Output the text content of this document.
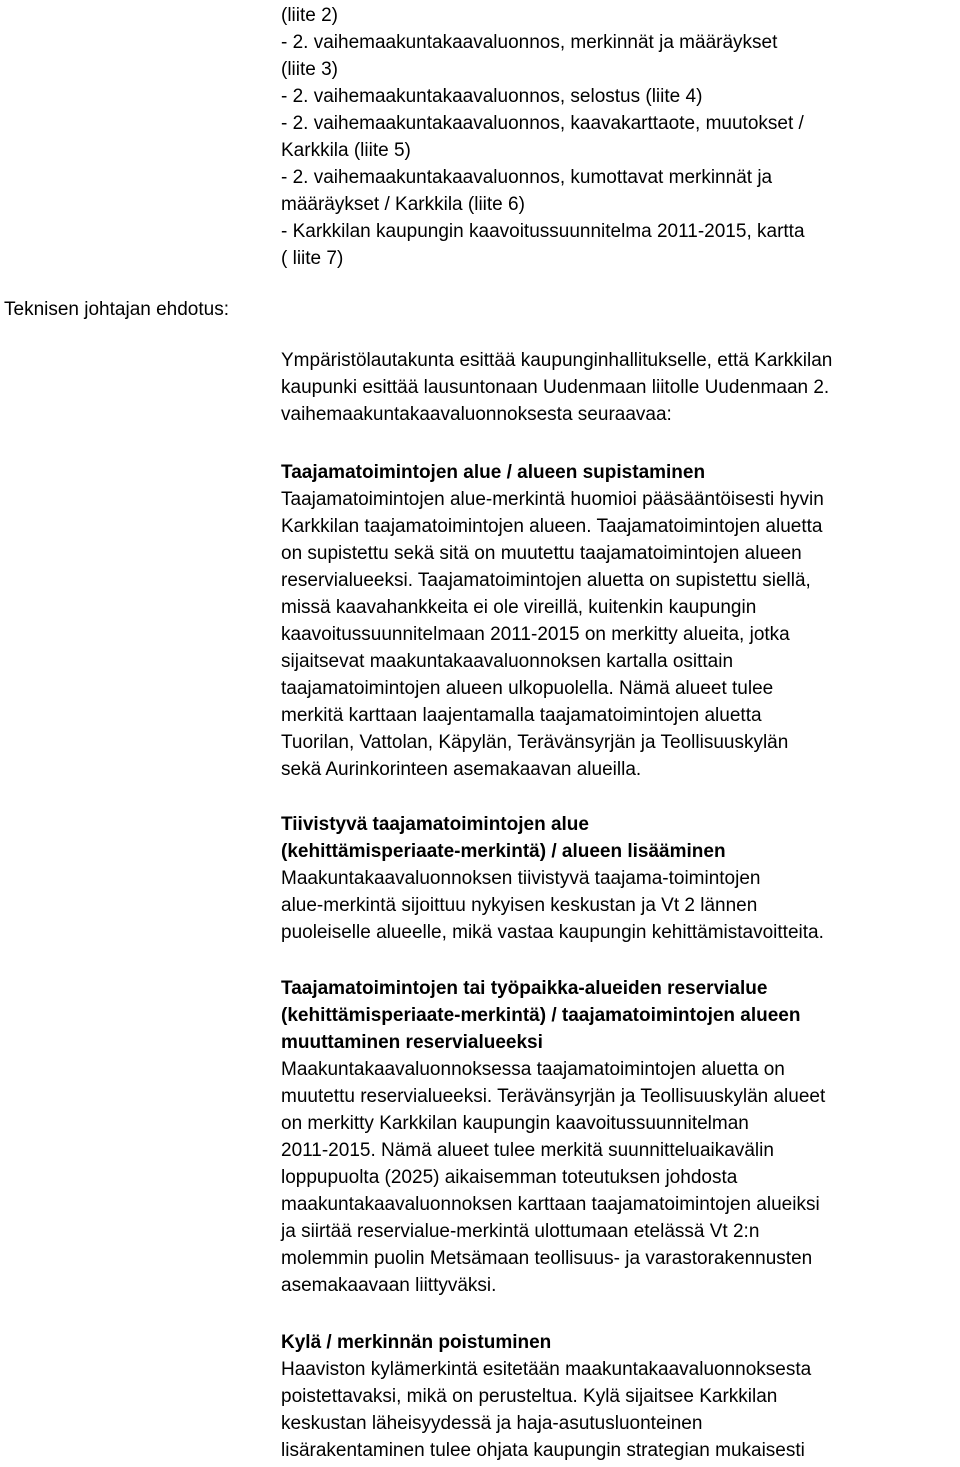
Teknisen johtajan ehdotus:
(liite 2)
- 2. vaihemaakuntakaavaluonnos, merkinnät ja määräykset
(liite 3)
- 2. vaihemaakuntakaavaluonnos, selostus (liite 4)
- 2. vaihemaakuntakaavaluonnos, kaavakarttaote, muutokset /
Karkkila (liite 5)
- 2. vaihemaakuntakaavaluonnos, kumottavat merkinnät ja
määräykset / Karkkila (liite 6)
- Karkkilan kaupungin kaavoitussuunnitelma 2011-2015, kartta
( liite 7)
Ympäristölautakunta esittää kaupunginhallitukselle, että Karkkilan
kaupunki esittää lausuntonaan Uudenmaan liitolle Uudenmaan 2.
vaihemaakuntakaavaluonnoksesta seuraavaa:
Taajamatoimintojen alue / alueen supistaminen
Taajamatoimintojen alue-merkintä huomioi pääsääntöisesti hyvin
Karkkilan taajamatoimintojen alueen. Taajamatoimintojen aluetta
on supistettu sekä sitä on muutettu taajamatoimintojen alueen
reservialueeksi. Taajamatoimintojen aluetta on supistettu siellä,
missä kaavahankkeita ei ole vireillä, kuitenkin kaupungin
kaavoitussuunnitelmaan 2011-2015 on merkitty alueita, jotka
sijaitsevat maakuntakaavaluonnoksen kartalla osittain
taajamatoimintojen alueen ulkopuolella. Nämä alueet tulee
merkitä karttaan laajentamalla taajamatoimintojen aluetta
Tuorilan, Vattolan, Käpylän, Terävänsyrjän ja Teollisuuskylän
sekä Aurinkorinteen asemakaavan alueilla.
Tiivistyvä taajamatoimintojen alue
(kehittämisperiaate-merkintä) / alueen lisääminen
Maakuntakaavaluonnoksen tiivistyvä taajama-toimintojen
alue-merkintä sijoittuu nykyisen keskustan ja Vt 2 lännen
puoleiselle alueelle, mikä vastaa kaupungin kehittämistavoitteita.
Taajamatoimintojen tai työpaikka-alueiden reservialue
(kehittämisperiaate-merkintä) / taajamatoimintojen alueen
muuttaminen reservialueeksi
Maakuntakaavaluonnoksessa taajamatoimintojen aluetta on
muutettu reservialueeksi. Terävänsyrjän ja Teollisuuskylän alueet
on merkitty Karkkilan kaupungin kaavoitussuunnitelman
2011-2015. Nämä alueet tulee merkitä suunnitteluaikavälin
loppupuolta (2025) aikaisemman toteutuksen johdosta
maakuntakaavaluonnoksen karttaan taajamatoimintojen alueiksi
ja siirtää reservialue-merkintä ulottumaan etelässä Vt 2:n
molemmin puolin Metsämaan teollisuus- ja varastorakennusten
asemakaavaan liittyväksi.
Kylä / merkinnän poistuminen
Haaviston kylämerkintä esitetään maakuntakaavaluonnoksesta
poistettavaksi, mikä on perusteltua. Kylä sijaitsee Karkkilan
keskustan läheisyydessä ja haja-asutusluonteinen
lisärakentaminen tulee ohjata kaupungin strategian mukaisesti
